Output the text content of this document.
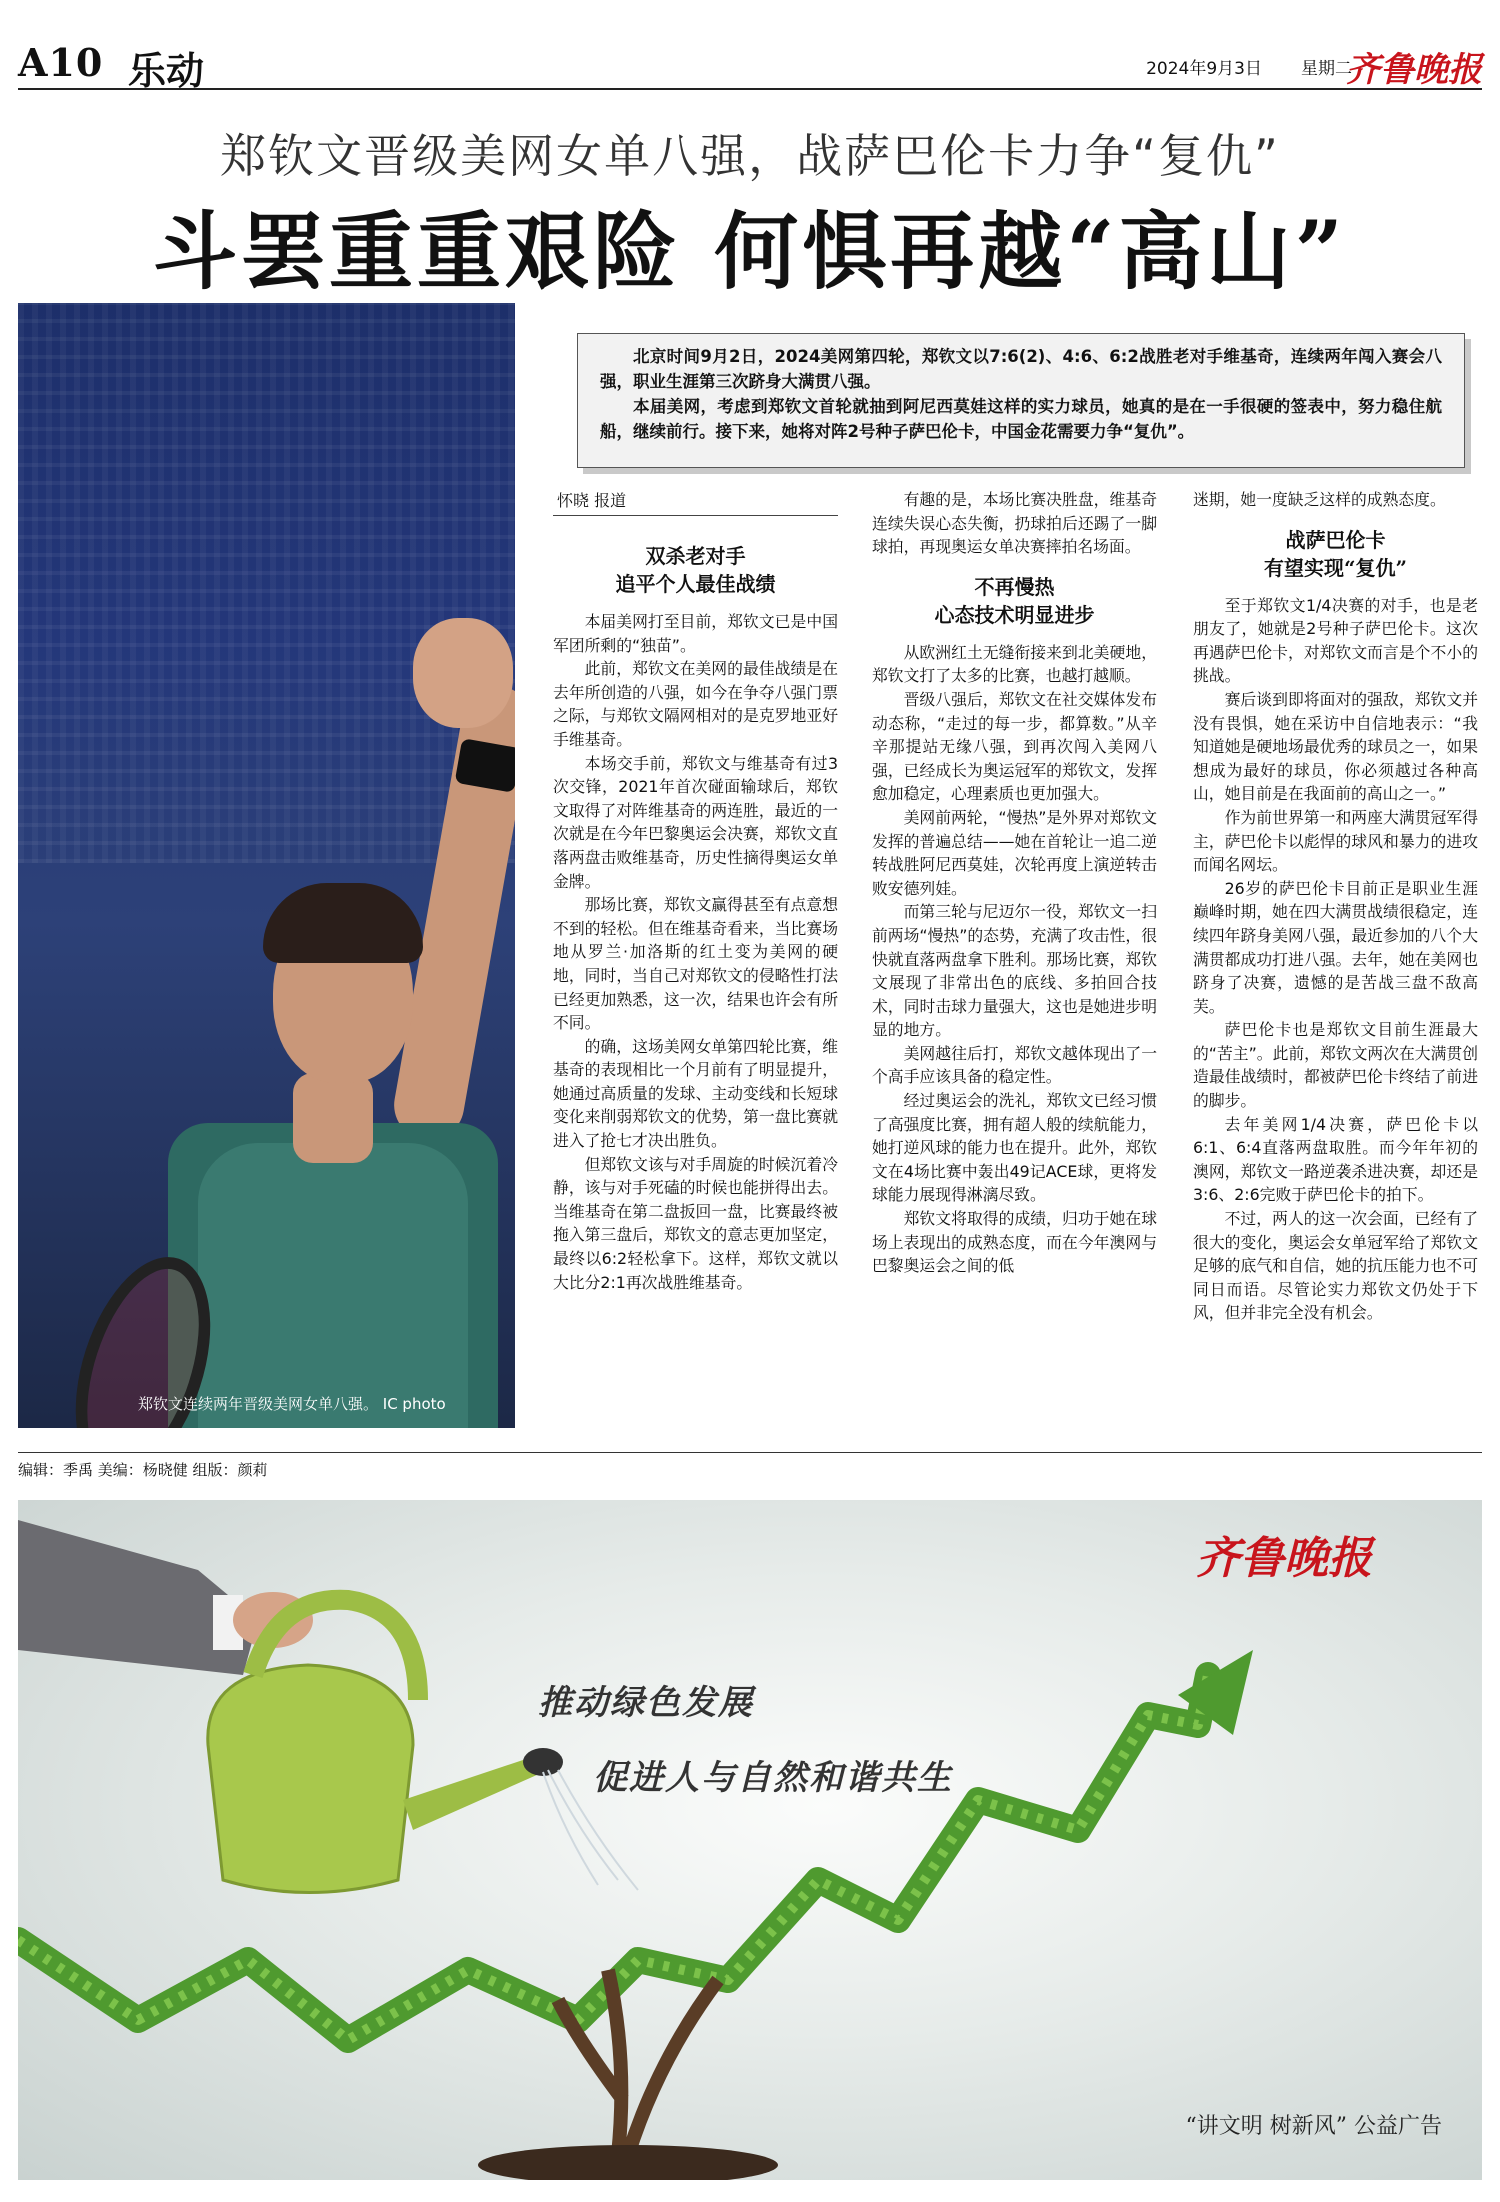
A10 乐动	2024年9月3日 星期二
齐鲁晚报
郑钦文晋级美网女单八强，战萨巴伦卡力争“复仇”
斗罢重重艰险 何惧再越“高山”
郑钦文连续两年晋级美网女单八强。 IC photo

北京时间9月2日，2024美网第四轮，郑钦文以7:6(2)、4:6、6:2战胜老对手维基奇，连续两年闯入赛会八强，职业生涯第三次跻身大满贯八强。

本届美网，考虑到郑钦文首轮就抽到阿尼西莫娃这样的实力球员，她真的是在一手很硬的签表中，努力稳住航船，继续前行。接下来，她将对阵2号种子萨巴伦卡，中国金花需要力争“复仇”。

怀晓 报道
双杀老对手
追平个人最佳战绩

本届美网打至目前，郑钦文已是中国军团所剩的“独苗”。

此前，郑钦文在美网的最佳战绩是在去年所创造的八强，如今在争夺八强门票之际，与郑钦文隔网相对的是克罗地亚好手维基奇。

本场交手前，郑钦文与维基奇有过3次交锋，2021年首次碰面输球后，郑钦文取得了对阵维基奇的两连胜，最近的一次就是在今年巴黎奥运会决赛，郑钦文直落两盘击败维基奇，历史性摘得奥运女单金牌。

那场比赛，郑钦文赢得甚至有点意想不到的轻松。但在维基奇看来，当比赛场地从罗兰·加洛斯的红土变为美网的硬地，同时，当自己对郑钦文的侵略性打法已经更加熟悉，这一次，结果也许会有所不同。

的确，这场美网女单第四轮比赛，维基奇的表现相比一个月前有了明显提升，她通过高质量的发球、主动变线和长短球变化来削弱郑钦文的优势，第一盘比赛就进入了抢七才决出胜负。

但郑钦文该与对手周旋的时候沉着冷静，该与对手死磕的时候也能拼得出去。当维基奇在第二盘扳回一盘，比赛最终被拖入第三盘后，郑钦文的意志更加坚定，最终以6:2轻松拿下。这样，郑钦文就以大比分2:1再次战胜维基奇。

有趣的是，本场比赛决胜盘，维基奇连续失误心态失衡，扔球拍后还踢了一脚球拍，再现奥运女单决赛摔拍名场面。

不再慢热
心态技术明显进步

从欧洲红土无缝衔接来到北美硬地，郑钦文打了太多的比赛，也越打越顺。

晋级八强后，郑钦文在社交媒体发布动态称，“走过的每一步，都算数。”从辛辛那提站无缘八强，到再次闯入美网八强，已经成长为奥运冠军的郑钦文，发挥愈加稳定，心理素质也更加强大。

美网前两轮，“慢热”是外界对郑钦文发挥的普遍总结——她在首轮让一追二逆转战胜阿尼西莫娃，次轮再度上演逆转击败安德列娃。

而第三轮与尼迈尔一役，郑钦文一扫前两场“慢热”的态势，充满了攻击性，很快就直落两盘拿下胜利。那场比赛，郑钦文展现了非常出色的底线、多拍回合技术，同时击球力量强大，这也是她进步明显的地方。

美网越往后打，郑钦文越体现出了一个高手应该具备的稳定性。

经过奥运会的洗礼，郑钦文已经习惯了高强度比赛，拥有超人般的续航能力，她打逆风球的能力也在提升。此外，郑钦文在4场比赛中轰出49记ACE球，更将发球能力展现得淋漓尽致。

郑钦文将取得的成绩，归功于她在球场上表现出的成熟态度，而在今年澳网与巴黎奥运会之间的低

迷期，她一度缺乏这样的成熟态度。

战萨巴伦卡
有望实现“复仇”

至于郑钦文1/4决赛的对手，也是老朋友了，她就是2号种子萨巴伦卡。这次再遇萨巴伦卡，对郑钦文而言是个不小的挑战。

赛后谈到即将面对的强敌，郑钦文并没有畏惧，她在采访中自信地表示：“我知道她是硬地场最优秀的球员之一，如果想成为最好的球员，你必须越过各种高山，她目前是在我面前的高山之一。”

作为前世界第一和两座大满贯冠军得主，萨巴伦卡以彪悍的球风和暴力的进攻而闻名网坛。

26岁的萨巴伦卡目前正是职业生涯巅峰时期，她在四大满贯战绩很稳定，连续四年跻身美网八强，最近参加的八个大满贯都成功打进八强。去年，她在美网也跻身了决赛，遗憾的是苦战三盘不敌高芙。

萨巴伦卡也是郑钦文目前生涯最大的“苦主”。此前，郑钦文两次在大满贯创造最佳战绩时，都被萨巴伦卡终结了前进的脚步。

去年美网1/4决赛，萨巴伦卡以6:1、6:4直落两盘取胜。而今年年初的澳网，郑钦文一路逆袭杀进决赛，却还是3:6、2:6完败于萨巴伦卡的拍下。

不过，两人的这一次会面，已经有了很大的变化，奥运会女单冠军给了郑钦文足够的底气和自信，她的抗压能力也不可同日而语。尽管论实力郑钦文仍处于下风，但并非完全没有机会。

编辑：季禹 美编：杨晓健 组版：颜莉
齐鲁晚报
推动绿色发展
促进人与自然和谐共生
“讲文明 树新风” 公益广告
